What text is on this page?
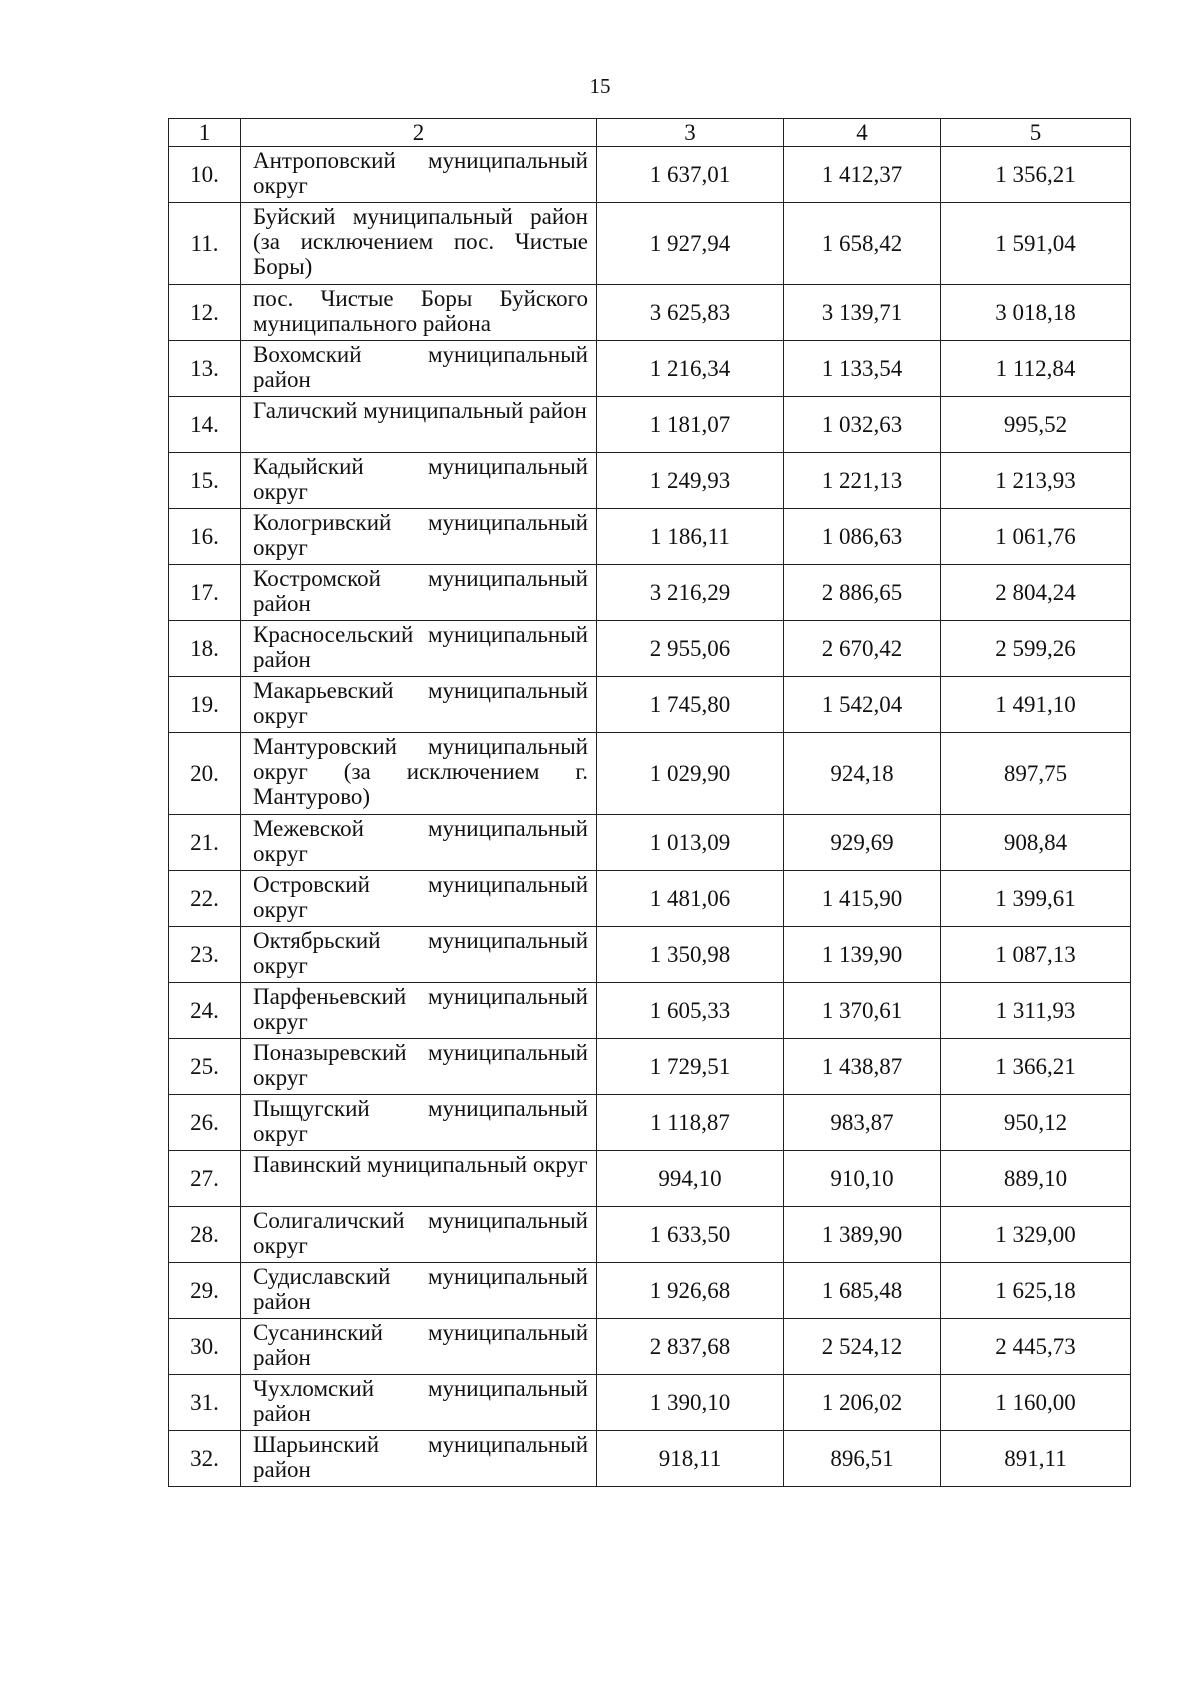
15
1	2	3	4	5
10.	Антроповский муниципальный округ	1 637,01	1 412,37	1 356,21
11.	Буйский муниципальный район (за исключением пос. Чистые Боры)	1 927,94	1 658,42	1 591,04
12.	пос. Чистые Боры Буйского муниципального района	3 625,83	3 139,71	3 018,18
13.	Вохомский муниципальный район	1 216,34	1 133,54	1 112,84
14.	Галичский муниципальный район	1 181,07	1 032,63	995,52
15.	Кадыйский муниципальный округ	1 249,93	1 221,13	1 213,93
16.	Кологривский муниципальный округ	1 186,11	1 086,63	1 061,76
17.	Костромской муниципальный район	3 216,29	2 886,65	2 804,24
18.	Красносельский муниципальный район	2 955,06	2 670,42	2 599,26
19.	Макарьевский муниципальный округ	1 745,80	1 542,04	1 491,10
20.	Мантуровский муниципальный округ (за исключением г. Мантурово)	1 029,90	924,18	897,75
21.	Межевской муниципальный округ	1 013,09	929,69	908,84
22.	Островский муниципальный округ	1 481,06	1 415,90	1 399,61
23.	Октябрьский муниципальный округ	1 350,98	1 139,90	1 087,13
24.	Парфеньевский муниципальный округ	1 605,33	1 370,61	1 311,93
25.	Поназыревский муниципальный округ	1 729,51	1 438,87	1 366,21
26.	Пыщугский муниципальный округ	1 118,87	983,87	950,12
27.	Павинский муниципальный округ	994,10	910,10	889,10
28.	Солигаличский муниципальный округ	1 633,50	1 389,90	1 329,00
29.	Судиславский муниципальный район	1 926,68	1 685,48	1 625,18
30.	Сусанинский муниципальный район	2 837,68	2 524,12	2 445,73
31.	Чухломский муниципальный район	1 390,10	1 206,02	1 160,00
32.	Шарьинский муниципальный район	918,11	896,51	891,11
